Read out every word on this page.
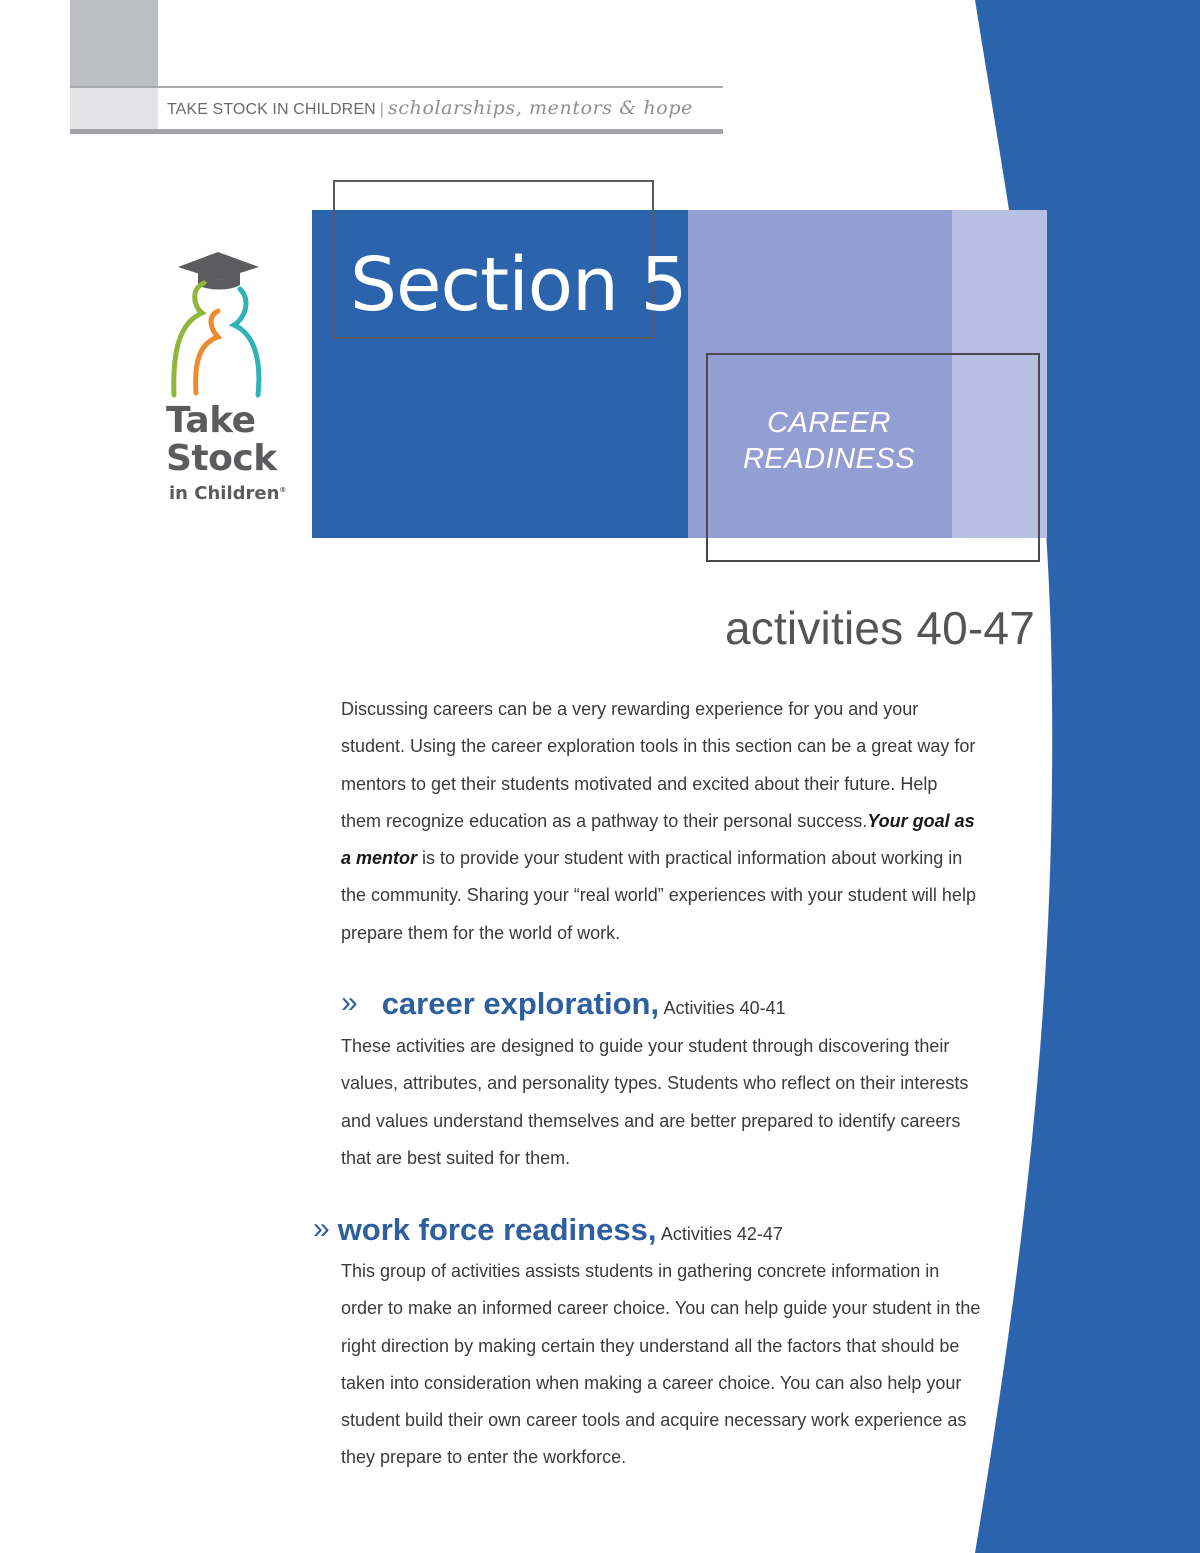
TAKE STOCK IN CHILDREN | scholarships, mentors & hope
Section 5
CAREER
READINESS
activities 40-47
Take
Stock
in Children®
Discussing careers can be a very rewarding experience for you and your student. Using the career exploration tools in this section can be a great way for mentors to get their students motivated and excited about their future. Help them recognize education as a pathway to their personal success.Your goal as a mentor is to provide your student with practical information about working in the community. Sharing your “real world” experiences with your student will help prepare them for the world of work.
» career exploration, Activities 40-41
These activities are designed to guide your student through discovering their values, attributes, and personality types. Students who reflect on their interests and values understand themselves and are better prepared to identify careers that are best suited for them.
» work force readiness, Activities 42-47
This group of activities assists students in gathering concrete information in order to make an informed career choice. You can help guide your student in the right direction by making certain they understand all the factors that should be taken into consideration when making a career choice. You can also help your student build their own career tools and acquire necessary work experience as they prepare to enter the workforce.
